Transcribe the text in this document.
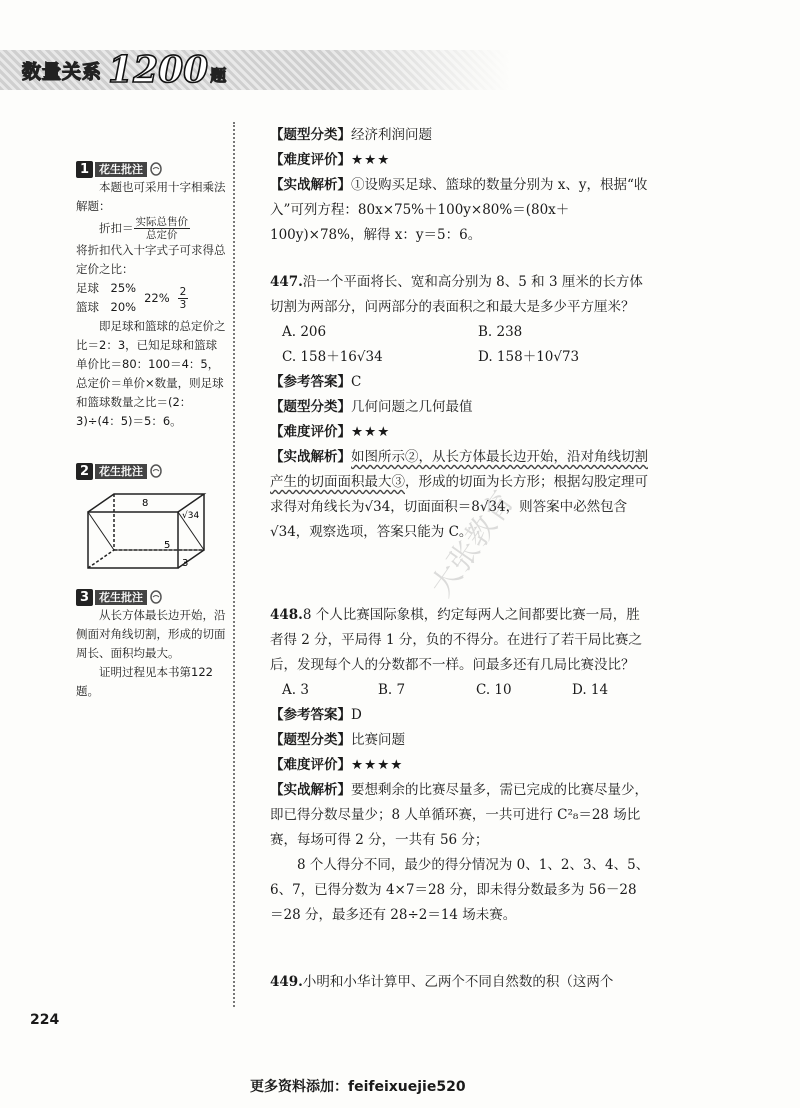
数量关系 1200 题
1 花生批注

本题也可采用十字相乘法解题：

折扣＝ $\frac{\text{实际总售价}}{\text{总定价}}$

将折扣代入十字式子可求得总定价之比：

足球　25%
篮球　20%
$22\% \frac{2}{3}$

即足球和篮球的总定价之比＝2：3，已知足球和篮球单价比＝80：100＝4：5，总定价＝单价×数量，则足球和篮球数量之比＝(2：3)÷(4：5)＝5：6。

2 花生批注
8
√34
5
3
3 花生批注

从长方体最长边开始，沿侧面对角线切割，形成的切面周长、面积均最大。

证明过程见本书第122题。

【题型分类】经济利润问题

【难度评价】★★★

【实战解析】①设购买足球、篮球的数量分别为 x、y，根据“收入”可列方程：80x×75%＋100y×80%＝(80x＋100y)×78%，解得 x：y＝5：6。

447.沿一个平面将长、宽和高分别为 8、5 和 3 厘米的长方体切割为两部分，问两部分的表面积之和最大是多少平方厘米？

A. 206	B. 238
C. 158＋16√34	D. 158＋10√73

【参考答案】C

【题型分类】几何问题之几何最值

【难度评价】★★★

【实战解析】如图所示②，从长方体最长边开始，沿对角线切割产生的切面面积最大③，形成的切面为长方形；根据勾股定理可求得对角线长为√34，切面面积＝8√34，则答案中必然包含√34，观察选项，答案只能为 C。

448.8 个人比赛国际象棋，约定每两人之间都要比赛一局，胜者得 2 分，平局得 1 分，负的不得分。在进行了若干局比赛之后，发现每个人的分数都不一样。问最多还有几局比赛没比？

A. 3	B. 7	C. 10	D. 14

【参考答案】D

【题型分类】比赛问题

【难度评价】★★★★

【实战解析】要想剩余的比赛尽量多，需已完成的比赛尽量少，即已得分数尽量少；8 人单循环赛，一共可进行 C²₈＝28 场比赛，每场可得 2 分，一共有 56 分；

8 个人得分不同，最少的得分情况为 0、1、2、3、4、5、6、7，已得分数为 4×7＝28 分，即未得分数最多为 56－28＝28 分，最多还有 28÷2＝14 场未赛。

449.小明和小华计算甲、乙两个不同自然数的积（这两个

大张教育
224
更多资料添加：feifeixuejie520
